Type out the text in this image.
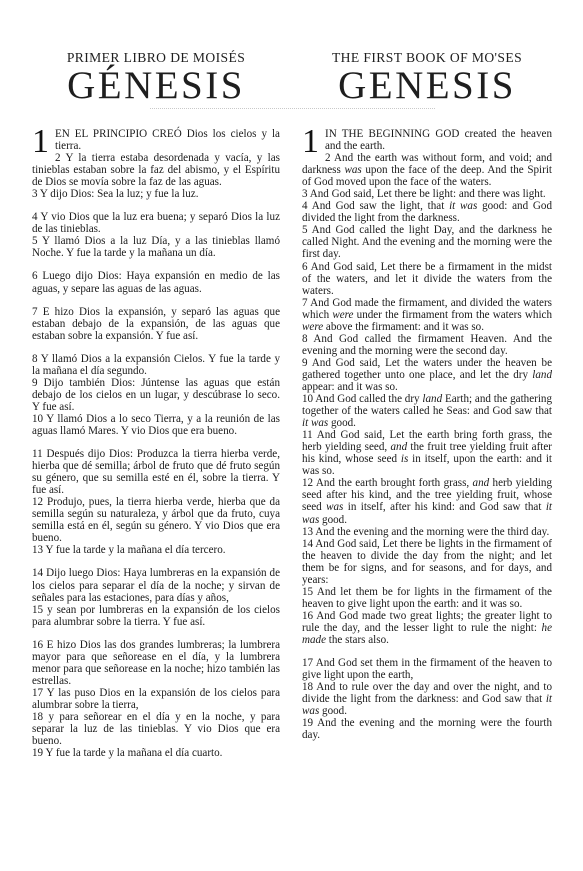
PRIMER LIBRO DE MOISÉS
GÉNESIS

1 EN EL PRINCIPIO CREÓ Dios los cielos y la tierra.

2 Y la tierra estaba desordenada y vacía, y las tinieblas estaban sobre la faz del abismo, y el Espíritu de Dios se movía sobre la faz de las aguas.

3 Y dijo Dios: Sea la luz; y fue la luz.

4 Y vio Dios que la luz era buena; y separó Dios la luz de las tinieblas.

5 Y llamó Dios a la luz Día, y a las tinieblas llamó Noche. Y fue la tarde y la mañana un día.

6 Luego dijo Dios: Haya expansión en medio de las aguas, y separe las aguas de las aguas.

7 E hizo Dios la expansión, y separó las aguas que estaban debajo de la expansión, de las aguas que estaban sobre la expansión. Y fue así.

8 Y llamó Dios a la expansión Cielos. Y fue la tarde y la mañana el día segundo.

9 Dijo también Dios: Júntense las aguas que están debajo de los cielos en un lugar, y descúbrase lo seco. Y fue así.

10 Y llamó Dios a lo seco Tierra, y a la reunión de las aguas llamó Mares. Y vio Dios que era bueno.

11 Después dijo Dios: Produzca la tierra hierba verde, hierba que dé semilla; árbol de fruto que dé fruto según su género, que su semilla esté en él, sobre la tierra. Y fue así.

12 Produjo, pues, la tierra hierba verde, hierba que da semilla según su naturaleza, y árbol que da fruto, cuya semilla está en él, según su género. Y vio Dios que era bueno.

13 Y fue la tarde y la mañana el día tercero.

14 Dijo luego Dios: Haya lumbreras en la expansión de los cielos para separar el día de la noche; y sirvan de señales para las estaciones, para días y años,

15 y sean por lumbreras en la expansión de los cielos para alumbrar sobre la tierra. Y fue así.

16 E hizo Dios las dos grandes lumbreras; la lumbrera mayor para que señorease en el día, y la lumbrera menor para que señorease en la noche; hizo también las estrellas.

17 Y las puso Dios en la expansión de los cielos para alumbrar sobre la tierra,

18 y para señorear en el día y en la noche, y para separar la luz de las tinieblas. Y vio Dios que era bueno.

19 Y fue la tarde y la mañana el día cuarto.

THE FIRST BOOK OF MO'SES
GENESIS

1 IN THE BEGINNING GOD created the heaven and the earth.

2 And the earth was without form, and void; and darkness was upon the face of the deep. And the Spirit of God moved upon the face of the waters.

3 And God said, Let there be light: and there was light.

4 And God saw the light, that it was good: and God divided the light from the darkness.

5 And God called the light Day, and the darkness he called Night. And the evening and the morning were the first day.

6 And God said, Let there be a firmament in the midst of the waters, and let it divide the waters from the waters.

7 And God made the firmament, and divided the waters which were under the firmament from the waters which were above the firmament: and it was so.

8 And God called the firmament Heaven. And the evening and the morning were the second day.

9 And God said, Let the waters under the heaven be gathered together unto one place, and let the dry land appear: and it was so.

10 And God called the dry land Earth; and the gathering together of the waters called he Seas: and God saw that it was good.

11 And God said, Let the earth bring forth grass, the herb yielding seed, and the fruit tree yielding fruit after his kind, whose seed is in itself, upon the earth: and it was so.

12 And the earth brought forth grass, and herb yielding seed after his kind, and the tree yielding fruit, whose seed was in itself, after his kind: and God saw that it was good.

13 And the evening and the morning were the third day.

14 And God said, Let there be lights in the firmament of the heaven to divide the day from the night; and let them be for signs, and for seasons, and for days, and years:

15 And let them be for lights in the firmament of the heaven to give light upon the earth: and it was so.

16 And God made two great lights; the greater light to rule the day, and the lesser light to rule the night: he made the stars also.

17 And God set them in the firmament of the heaven to give light upon the earth,

18 And to rule over the day and over the night, and to divide the light from the darkness: and God saw that it was good.

19 And the evening and the morning were the fourth day.
